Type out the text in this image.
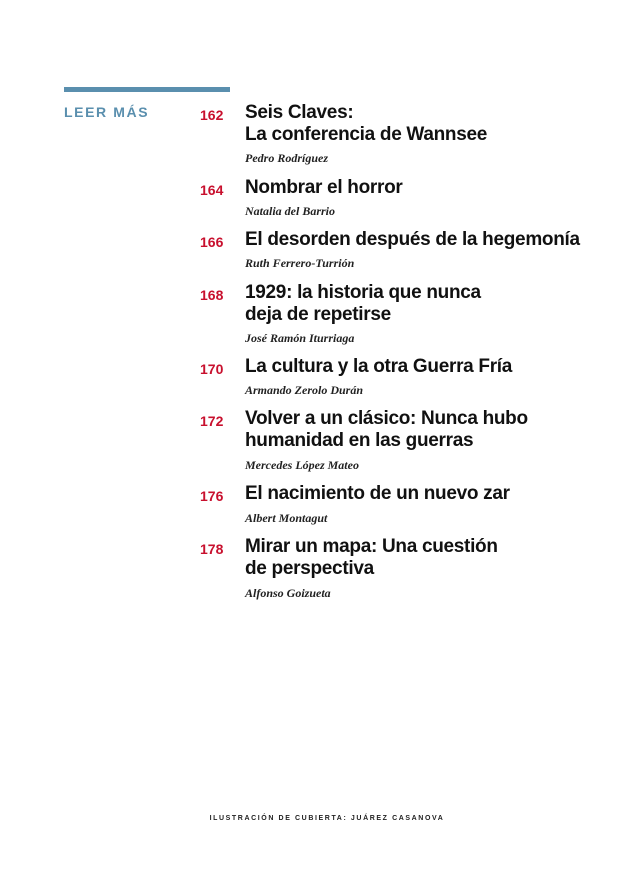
LEER MÁS	162	Seis Claves:
La conferencia de Wannsee
Pedro Rodríguez
164	Nombrar el horror
Natalia del Barrio
166	El desorden después de la hegemonía
Ruth Ferrero-Turrión
168	1929: la historia que nunca
deja de repetirse
José Ramón Iturriaga
170	La cultura y la otra Guerra Fría
Armando Zerolo Durán
172	Volver a un clásico: Nunca hubo
humanidad en las guerras
Mercedes López Mateo
176	El nacimiento de un nuevo zar
Albert Montagut
178	Mirar un mapa: Una cuestión
de perspectiva
Alfonso Goizueta
ILUSTRACIÓN DE CUBIERTA: JUÁREZ CASANOVA
